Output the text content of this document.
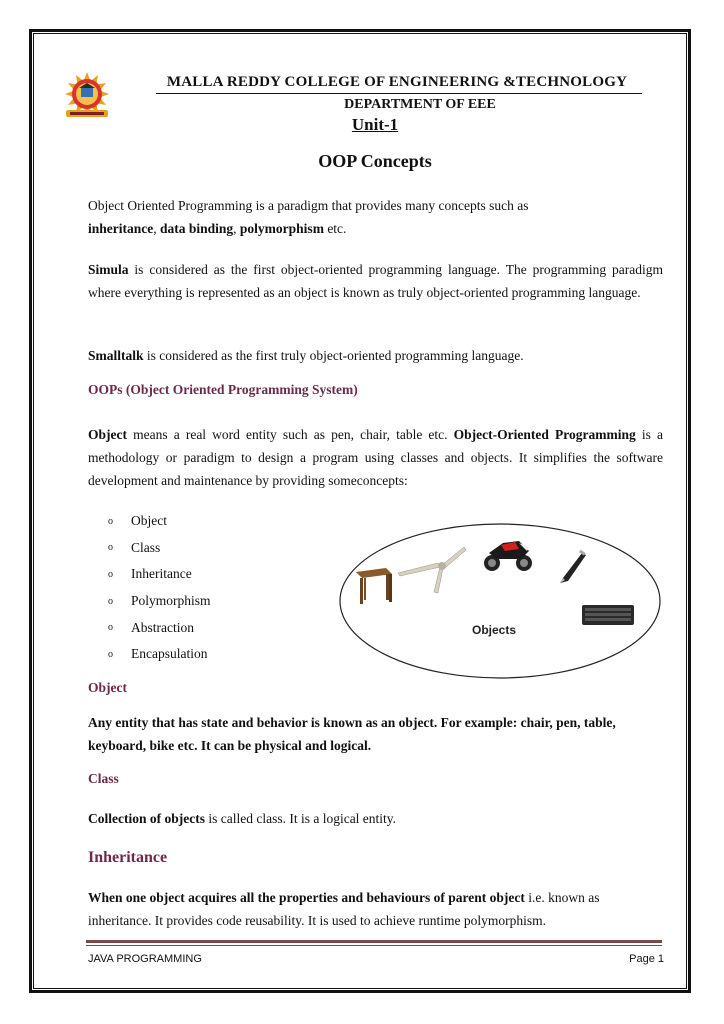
MALLA REDDY COLLEGE OF ENGINEERING &TECHNOLOGY
DEPARTMENT OF EEE
Unit-1
OOP Concepts
Object Oriented Programming is a paradigm that provides many concepts such as
inheritance, data binding, polymorphism etc.
Simula is considered as the first object-oriented programming language. The programming paradigm where everything is represented as an object is known as truly object-oriented programming language.
Smalltalk is considered as the first truly object-oriented programming language.
OOPs (Object Oriented Programming System)
Object means a real word entity such as pen, chair, table etc. Object-Oriented Programming is a methodology or paradigm to design a program using classes and objects. It simplifies the software development and maintenance by providing someconcepts:
o	Object
o	Class
o	Inheritance
o	Polymorphism
o	Abstraction
o	Encapsulation
Objects
Object
Any entity that has state and behavior is known as an object. For example: chair, pen, table, keyboard, bike etc. It can be physical and logical.
Class
Collection of objects is called class. It is a logical entity.
Inheritance
When one object acquires all the properties and behaviours of parent object i.e. known as inheritance. It provides code reusability. It is used to achieve runtime polymorphism.
JAVA PROGRAMMING	Page 1
